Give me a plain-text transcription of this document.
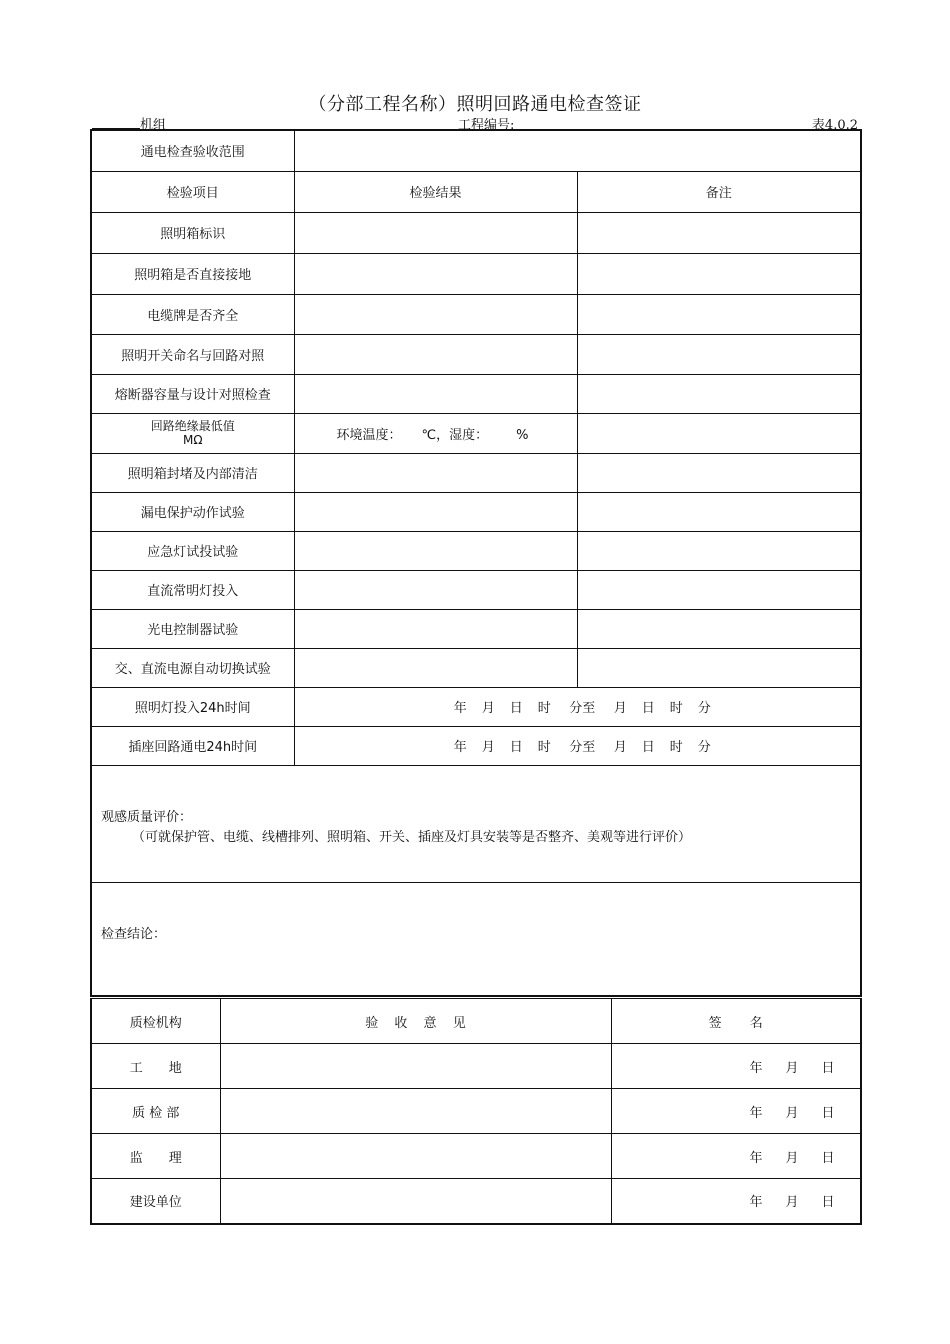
（分部工程名称）照明回路通电检查签证
机组	工程编号:	表4.0.2
通电检查验收范围		
检验项目	检验结果	备注
照明箱标识		
照明箱是否直接接地		
电缆牌是否齐全		
照明开关命名与回路对照		
熔断器容量与设计对照检查		

回路绝缘最低值
MΩ	环境温度： ℃，湿度： %	
照明箱封堵及内部清洁		
漏电保护动作试验		
应急灯试投试验		
直流常明灯投入		
光电控制器试验		
交、直流电源自动切换试验		
照明灯投入24h时间	年 月 日 时 分至 月 日 时 分	
插座回路通电24h时间	年 月 日 时 分至 月 日 时 分	

观感质量评价：
（可就保护管、电缆、线槽排列、照明箱、开关、插座及灯具安装等是否整齐、美观等进行评价）		

检查结论：		
质检机构	验 收 意 见	签 名
工　　地		年 月 日
质 检 部		年 月 日
监　　理		年 月 日
建设单位		年 月 日
